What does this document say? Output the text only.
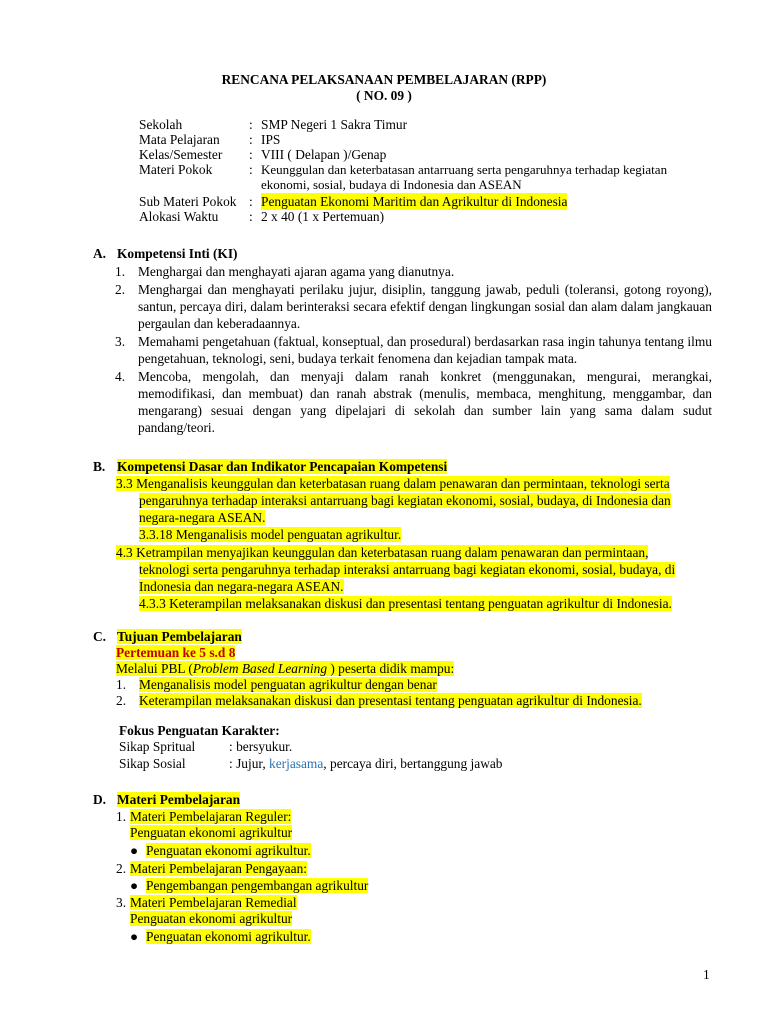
RENCANA PELAKSANAAN PEMBELAJARAN (RPP)
( NO. 09 )
Sekolah	: SMP Negeri 1 Sakra Timur
Mata Pelajaran : IPS
Kelas/Semester : VIII ( Delapan )/Genap
Materi Pokok	: Keunggulan dan keterbatasan antarruang serta pengaruhnya terhadap kegiatan
ekonomi, sosial, budaya di Indonesia dan ASEAN
Sub Materi Pokok : Penguatan Ekonomi Maritim dan Agrikultur di Indonesia
Alokasi Waktu : 2 x 40 (1 x Pertemuan)
A. Kompetensi Inti (KI)
1. Menghargai dan menghayati ajaran agama yang dianutnya.
2. Menghargai dan menghayati perilaku jujur, disiplin, tanggung jawab, peduli (toleransi, gotong royong), santun, percaya diri, dalam berinteraksi secara efektif dengan lingkungan sosial dan alam dalam jangkauan pergaulan dan keberadaannya.
3. Memahami pengetahuan (faktual, konseptual, dan prosedural) berdasarkan rasa ingin tahunya tentang ilmu pengetahuan, teknologi, seni, budaya terkait fenomena dan kejadian tampak mata.
4. Mencoba, mengolah, dan menyaji dalam ranah konkret (menggunakan, mengurai, merangkai, memodifikasi, dan membuat) dan ranah abstrak (menulis, membaca, menghitung, menggambar, dan mengarang) sesuai dengan yang dipelajari di sekolah dan sumber lain yang sama dalam sudut pandang/teori.
B. Kompetensi Dasar dan Indikator Pencapaian Kompetensi
3.3 Menganalisis keunggulan dan keterbatasan ruang dalam penawaran dan permintaan, teknologi serta
pengaruhnya terhadap interaksi antarruang bagi kegiatan ekonomi, sosial, budaya, di Indonesia dan
negara-negara ASEAN.
3.3.18 Menganalisis model penguatan agrikultur.
4.3 Ketrampilan menyajikan keunggulan dan keterbatasan ruang dalam penawaran dan permintaan,
teknologi serta pengaruhnya terhadap interaksi antarruang bagi kegiatan ekonomi, sosial, budaya, di
Indonesia dan negara-negara ASEAN.
4.3.3 Keterampilan melaksanakan diskusi dan presentasi tentang penguatan agrikultur di Indonesia.
C. Tujuan Pembelajaran
Pertemuan ke 5 s.d 8
Melalui PBL (Problem Based Learning ) peserta didik mampu:
1. Menganalisis model penguatan agrikultur dengan benar
2. Keterampilan melaksanakan diskusi dan presentasi tentang penguatan agrikultur di Indonesia.
Fokus Penguatan Karakter:
Sikap Spritual	: bersyukur.
Sikap Sosial	: Jujur, kerjasama, percaya diri, bertanggung jawab
D. Materi Pembelajaran
1. Materi Pembelajaran Reguler:
Penguatan ekonomi agrikultur
● Penguatan ekonomi agrikultur.
2. Materi Pembelajaran Pengayaan:
● Pengembangan pengembangan agrikultur
3. Materi Pembelajaran Remedial
Penguatan ekonomi agrikultur
● Penguatan ekonomi agrikultur.
1
